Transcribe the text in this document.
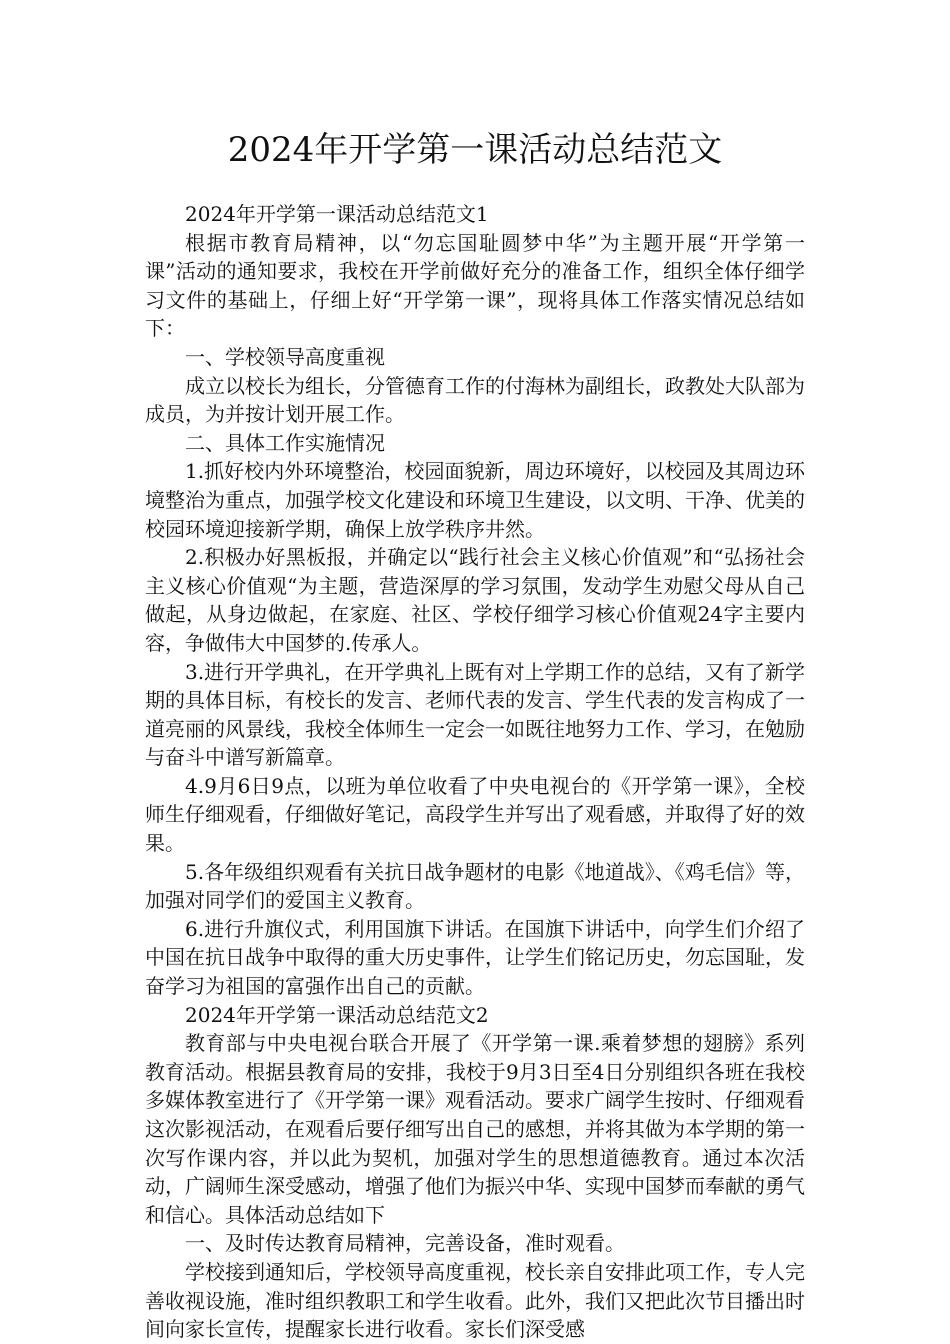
2024年开学第一课活动总结范文

2024年开学第一课活动总结范文1

根据市教育局精神，以“勿忘国耻圆梦中华”为主题开展“开学第一课”活动的通知要求，我校在开学前做好充分的准备工作，组织全体仔细学习文件的基础上，仔细上好“开学第一课”，现将具体工作落实情况总结如下：

一、学校领导高度重视

成立以校长为组长，分管德育工作的付海林为副组长，政教处大队部为成员，为并按计划开展工作。

二、具体工作实施情况

1.抓好校内外环境整治，校园面貌新，周边环境好，以校园及其周边环境整治为重点，加强学校文化建设和环境卫生建设，以文明、干净、优美的校园环境迎接新学期，确保上放学秩序井然。

2.积极办好黑板报，并确定以“践行社会主义核心价值观”和“弘扬社会主义核心价值观“为主题，营造深厚的学习氛围，发动学生劝慰父母从自己做起，从身边做起，在家庭、社区、学校仔细学习核心价值观24字主要内容，争做伟大中国梦的.传承人。

3.进行开学典礼，在开学典礼上既有对上学期工作的总结，又有了新学期的具体目标，有校长的发言、老师代表的发言、学生代表的发言构成了一道亮丽的风景线，我校全体师生一定会一如既往地努力工作、学习，在勉励与奋斗中谱写新篇章。

4.9月6日9点，以班为单位收看了中央电视台的《开学第一课》，全校师生仔细观看，仔细做好笔记，高段学生并写出了观看感，并取得了好的效果。

5.各年级组织观看有关抗日战争题材的电影《地道战》、《鸡毛信》等，加强对同学们的爱国主义教育。

6.进行升旗仪式，利用国旗下讲话。在国旗下讲话中，向学生们介绍了中国在抗日战争中取得的重大历史事件，让学生们铭记历史，勿忘国耻，发奋学习为祖国的富强作出自己的贡献。

2024年开学第一课活动总结范文2

教育部与中央电视台联合开展了《开学第一课.乘着梦想的翅膀》系列教育活动。根据县教育局的安排，我校于9月3日至4日分别组织各班在我校多媒体教室进行了《开学第一课》观看活动。要求广阔学生按时、仔细观看这次影视活动，在观看后要仔细写出自己的感想，并将其做为本学期的第一次写作课内容，并以此为契机，加强对学生的思想道德教育。通过本次活动，广阔师生深受感动，增强了他们为振兴中华、实现中国梦而奉献的勇气和信心。具体活动总结如下

一、及时传达教育局精神，完善设备，准时观看。

学校接到通知后，学校领导高度重视，校长亲自安排此项工作，专人完善收视设施，准时组织教职工和学生收看。此外，我们又把此次节目播出时间向家长宣传，提醒家长进行收看。家长们深受感
